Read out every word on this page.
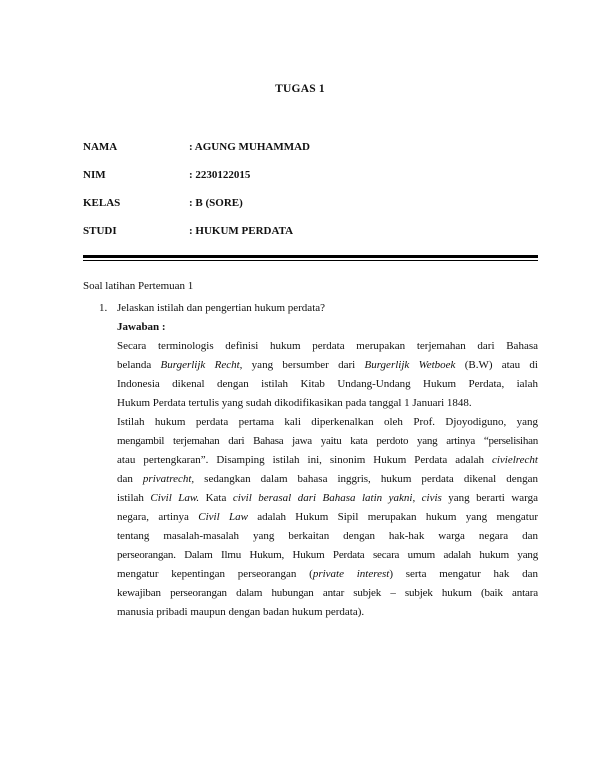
TUGAS 1
NAMA	: AGUNG MUHAMMAD
NIM	: 2230122015
KELAS	: B (SORE)
STUDI	: HUKUM PERDATA
Soal latihan Pertemuan 1
1. Jelaskan istilah dan pengertian hukum perdata?
Jawaban :
Secara terminologis definisi hukum perdata merupakan terjemahan dari Bahasa
belanda Burgerlijk Recht, yang bersumber dari Burgerlijk Wetboek (B.W) atau di
Indonesia dikenal dengan istilah Kitab Undang-Undang Hukum Perdata, ialah
Hukum Perdata tertulis yang sudah dikodifikasikan pada tanggal 1 Januari 1848.
Istilah hukum perdata pertama kali diperkenalkan oleh Prof. Djoyodiguno, yang
mengambil terjemahan dari Bahasa jawa yaitu kata perdoto yang artinya “perselisihan
atau pertengkaran”. Disamping istilah ini, sinonim Hukum Perdata adalah civielrecht
dan privatrecht, sedangkan dalam bahasa inggris, hukum perdata dikenal dengan
istilah Civil Law. Kata civil berasal dari Bahasa latin yakni, civis yang berarti warga
negara, artinya Civil Law adalah Hukum Sipil merupakan hukum yang mengatur
tentang masalah-masalah yang berkaitan dengan hak-hak warga negara dan
perseorangan. Dalam Ilmu Hukum, Hukum Perdata secara umum adalah hukum yang
mengatur kepentingan perseorangan (private interest) serta mengatur hak dan
kewajiban perseorangan dalam hubungan antar subjek – subjek hukum (baik antara
manusia pribadi maupun dengan badan hukum perdata).
